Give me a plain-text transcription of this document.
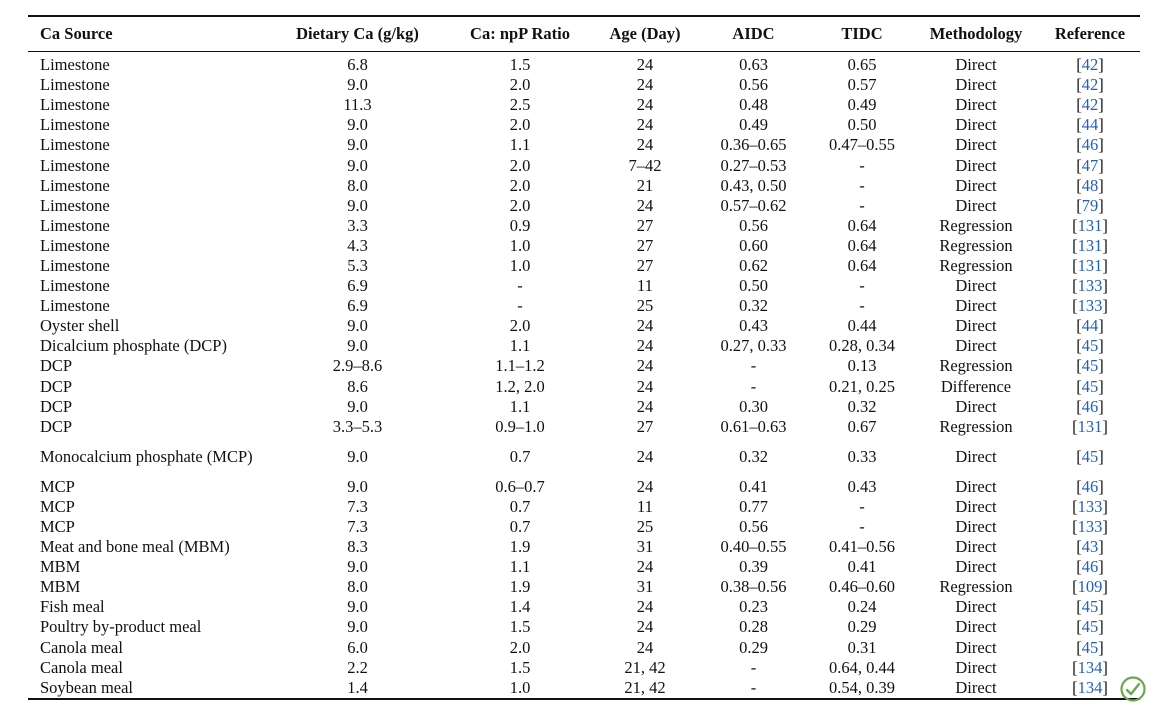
Ca Source	Dietary Ca (g/kg)	Ca: npP Ratio	Age (Day)	AIDC	TIDC	Methodology	Reference
Limestone	6.8	1.5	24	0.63	0.65	Direct	[42]
Limestone	9.0	2.0	24	0.56	0.57	Direct	[42]
Limestone	11.3	2.5	24	0.48	0.49	Direct	[42]
Limestone	9.0	2.0	24	0.49	0.50	Direct	[44]
Limestone	9.0	1.1	24	0.36–0.65	0.47–0.55	Direct	[46]
Limestone	9.0	2.0	7–42	0.27–0.53	-	Direct	[47]
Limestone	8.0	2.0	21	0.43, 0.50	-	Direct	[48]
Limestone	9.0	2.0	24	0.57–0.62	-	Direct	[79]
Limestone	3.3	0.9	27	0.56	0.64	Regression	[131]
Limestone	4.3	1.0	27	0.60	0.64	Regression	[131]
Limestone	5.3	1.0	27	0.62	0.64	Regression	[131]
Limestone	6.9	-	11	0.50	-	Direct	[133]
Limestone	6.9	-	25	0.32	-	Direct	[133]
Oyster shell	9.0	2.0	24	0.43	0.44	Direct	[44]
Dicalcium phosphate (DCP)	9.0	1.1	24	0.27, 0.33	0.28, 0.34	Direct	[45]
DCP	2.9–8.6	1.1–1.2	24	-	0.13	Regression	[45]
DCP	8.6	1.2, 2.0	24	-	0.21, 0.25	Difference	[45]
DCP	9.0	1.1	24	0.30	0.32	Direct	[46]
DCP	3.3–5.3	0.9–1.0	27	0.61–0.63	0.67	Regression	[131]
Monocalcium phosphate (MCP)	9.0	0.7	24	0.32	0.33	Direct	[45]
MCP	9.0	0.6–0.7	24	0.41	0.43	Direct	[46]
MCP	7.3	0.7	11	0.77	-	Direct	[133]
MCP	7.3	0.7	25	0.56	-	Direct	[133]
Meat and bone meal (MBM)	8.3	1.9	31	0.40–0.55	0.41–0.56	Direct	[43]
MBM	9.0	1.1	24	0.39	0.41	Direct	[46]
MBM	8.0	1.9	31	0.38–0.56	0.46–0.60	Regression	[109]
Fish meal	9.0	1.4	24	0.23	0.24	Direct	[45]
Poultry by-product meal	9.0	1.5	24	0.28	0.29	Direct	[45]
Canola meal	6.0	2.0	24	0.29	0.31	Direct	[45]
Canola meal	2.2	1.5	21, 42	-	0.64, 0.44	Direct	[134]
Soybean meal	1.4	1.0	21, 42	-	0.54, 0.39	Direct	[134]
